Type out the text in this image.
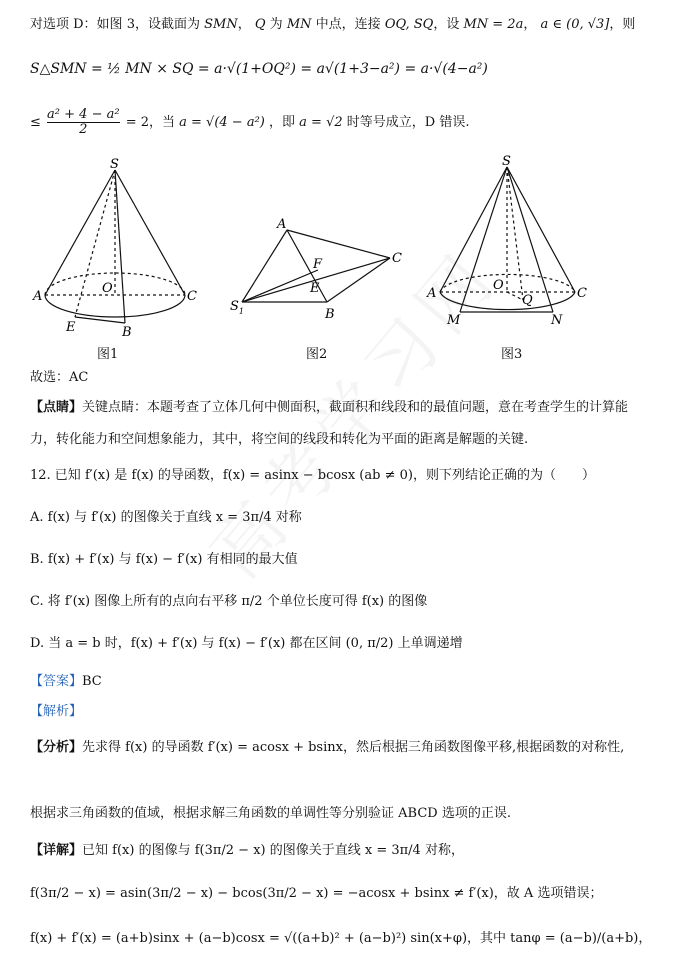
对选项 D：如图 3，设截面为 SMN， Q 为 MN 中点，连接 OQ, SQ，设 MN = 2a， a ∈ (0, √3]，则
S△SMN = ½ MN × SQ = a·√(1+OQ²) = a√(1+3−a²) = a·√(4−a²)
≤ $\frac{\text{a² + 4 − a²}}{2} = 2$，当 a = √(4 − a²) ，即 a = √2 时等号成立，D 错误.
S
A
O
C
E	B
图1
A
F	C
E
$S_1$	B
图2
S
A
O
Q	C
M	N
图3
故选：AC
【点睛】关键点睛：本题考查了立体几何中侧面积，截面积和线段和的最值问题，意在考查学生的计算能
力，转化能力和空间想象能力，其中，将空间的线段和转化为平面的距离是解题的关键.
12. 已知 f′(x) 是 f(x) 的导函数，f(x) = asinx − bcosx (ab ≠ 0)，则下列结论正确的为（　　）
A. f(x) 与 f′(x) 的图像关于直线 x = 3π/4 对称
B. f(x) + f′(x) 与 f(x) − f′(x) 有相同的最大值
C. 将 f′(x) 图像上所有的点向右平移 π/2 个单位长度可得 f(x) 的图像
D. 当 a = b 时，f(x) + f′(x) 与 f(x) − f′(x) 都在区间 (0, π/2) 上单调递增
【答案】BC
【解析】
【分析】先求得 f(x) 的导函数 f′(x) = acosx + bsinx，然后根据三角函数图像平移,根据函数的对称性,
根据求三角函数的值域，根据求解三角函数的单调性等分别验证 ABCD 选项的正误.
【详解】已知 f(x) 的图像与 f(3π/2 − x) 的图像关于直线 x = 3π/4 对称，
f(3π/2 − x) = asin(3π/2 − x) − bcos(3π/2 − x) = −acosx + bsinx ≠ f′(x)，故 A 选项错误；
f(x) + f′(x) = (a+b)sinx + (a−b)cosx = √((a+b)² + (a−b)²) sin(x+φ)，其中 tanφ = (a−b)/(a+b)，
